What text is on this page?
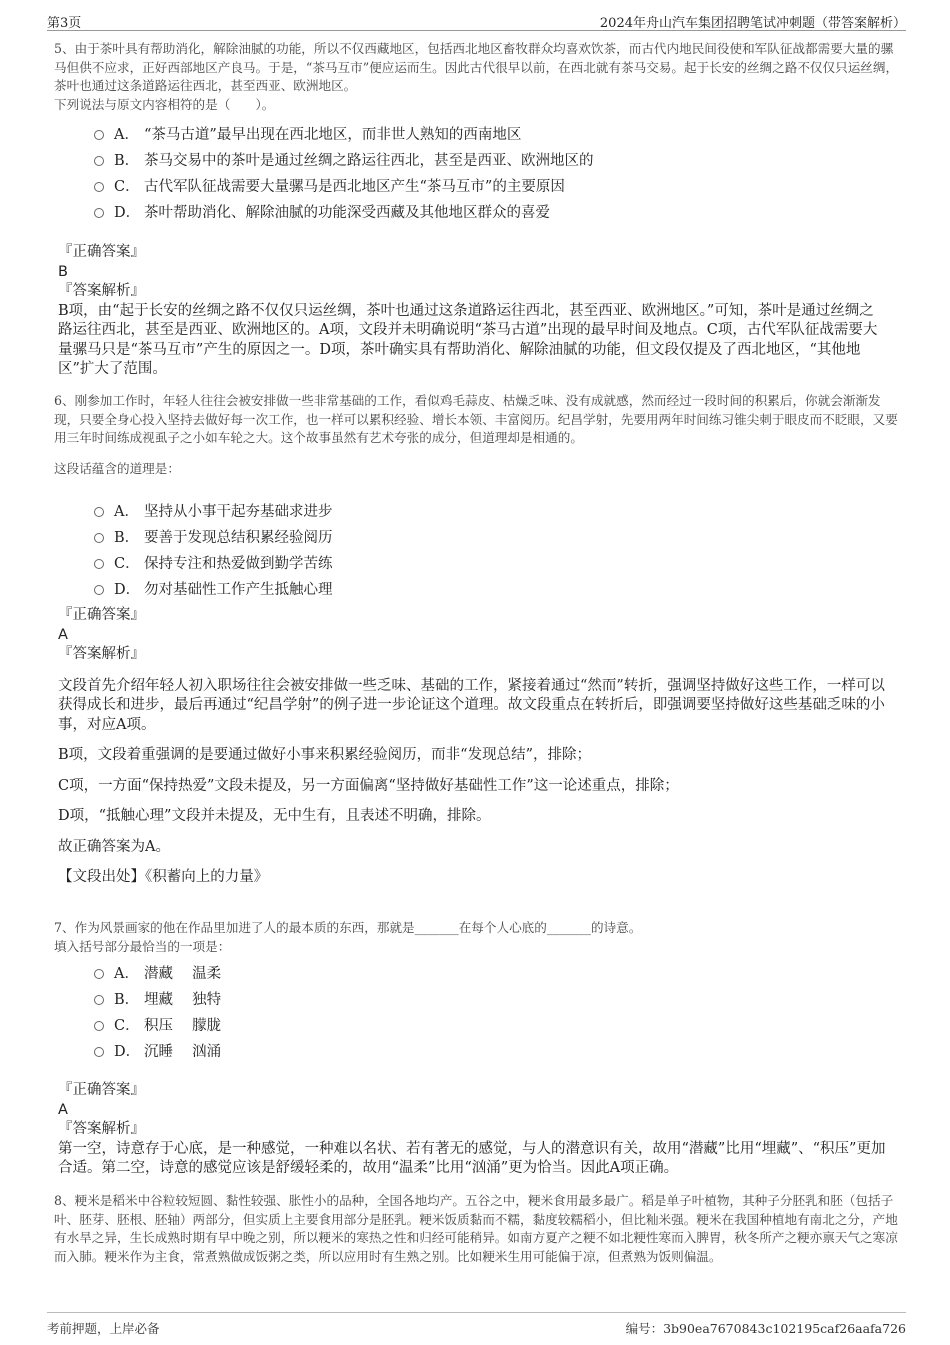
第3页	2024年舟山汽车集团招聘笔试冲刺题（带答案解析）

5、由于茶叶具有帮助消化，解除油腻的功能，所以不仅西藏地区，包括西北地区畜牧群众均喜欢饮茶，而古代内地民间役使和军队征战都需要大量的骡马但供不应求，正好西部地区产良马。于是，“茶马互市”便应运而生。因此古代很早以前，在西北就有茶马交易。起于长安的丝绸之路不仅仅只运丝绸，茶叶也通过这条道路运往西北，甚至西亚、欧洲地区。

下列说法与原文内容相符的是（　　）。

A． “茶马古道”最早出现在西北地区，而非世人熟知的西南地区
B． 茶马交易中的茶叶是通过丝绸之路运往西北，甚至是西亚、欧洲地区的
C． 古代军队征战需要大量骡马是西北地区产生“茶马互市”的主要原因
D． 茶叶帮助消化、解除油腻的功能深受西藏及其他地区群众的喜爱

『正确答案』

B

『答案解析』

B项，由“起于长安的丝绸之路不仅仅只运丝绸，茶叶也通过这条道路运往西北，甚至西亚、欧洲地区。”可知，茶叶是通过丝绸之路运往西北，甚至是西亚、欧洲地区的。A项，文段并未明确说明“茶马古道”出现的最早时间及地点。C项，古代军队征战需要大量骡马只是“茶马互市”产生的原因之一。D项，茶叶确实具有帮助消化、解除油腻的功能，但文段仅提及了西北地区，“其他地区”扩大了范围。

6、刚参加工作时，年轻人往往会被安排做一些非常基础的工作，看似鸡毛蒜皮、枯燥乏味、没有成就感，然而经过一段时间的积累后，你就会渐渐发现，只要全身心投入坚持去做好每一次工作，也一样可以累积经验、增长本领、丰富阅历。纪昌学射，先要用两年时间练习锥尖刺于眼皮而不眨眼，又要用三年时间练成视虱子之小如车轮之大。这个故事虽然有艺术夸张的成分，但道理却是相通的。

这段话蕴含的道理是：

A． 坚持从小事干起夯基础求进步
B． 要善于发现总结积累经验阅历
C． 保持专注和热爱做到勤学苦练
D． 勿对基础性工作产生抵触心理

『正确答案』

A

『答案解析』

文段首先介绍年轻人初入职场往往会被安排做一些乏味、基础的工作，紧接着通过“然而”转折，强调坚持做好这些工作，一样可以获得成长和进步，最后再通过“纪昌学射”的例子进一步论证这个道理。故文段重点在转折后，即强调要坚持做好这些基础乏味的小事，对应A项。

B项，文段着重强调的是要通过做好小事来积累经验阅历，而非“发现总结”，排除；

C项，一方面“保持热爱”文段未提及，另一方面偏离“坚持做好基础性工作”这一论述重点，排除；

D项，“抵触心理”文段并未提及，无中生有，且表述不明确，排除。

故正确答案为A。

【文段出处】《积蓄向上的力量》

7、作为风景画家的他在作品里加进了人的最本质的东西，那就是_______在每个人心底的_______的诗意。

填入括号部分最恰当的一项是：

A． 潜藏　 温柔
B． 埋藏　 独特
C． 积压　 朦胧
D． 沉睡　 汹涌

『正确答案』

A

『答案解析』

第一空，诗意存于心底，是一种感觉，一种难以名状、若有著无的感觉，与人的潜意识有关，故用“潜藏”比用“埋藏”、“积压”更加合适。第二空，诗意的感觉应该是舒缓轻柔的，故用“温柔”比用“汹涌”更为恰当。因此A项正确。

8、粳米是稻米中谷粒较短圆、黏性较强、胀性小的品种，全国各地均产。五谷之中，粳米食用最多最广。稻是单子叶植物，其种子分胚乳和胚（包括子叶、胚芽、胚根、胚轴）两部分，但实质上主要食用部分是胚乳。粳米饭质黏而不糯，黏度较糯稻小，但比籼米强。粳米在我国种植地有南北之分，产地有水旱之异，生长成熟时期有早中晚之别，所以粳米的寒热之性和归经可能稍异。如南方夏产之粳不如北粳性寒而入脾胃，秋冬所产之粳亦禀天气之寒凉而入肺。粳米作为主食，常煮熟做成饭粥之类，所以应用时有生熟之别。比如粳米生用可能偏于凉，但煮熟为饭则偏温。

考前押题，上岸必备	编号：3b90ea7670843c102195caf26aafa726
